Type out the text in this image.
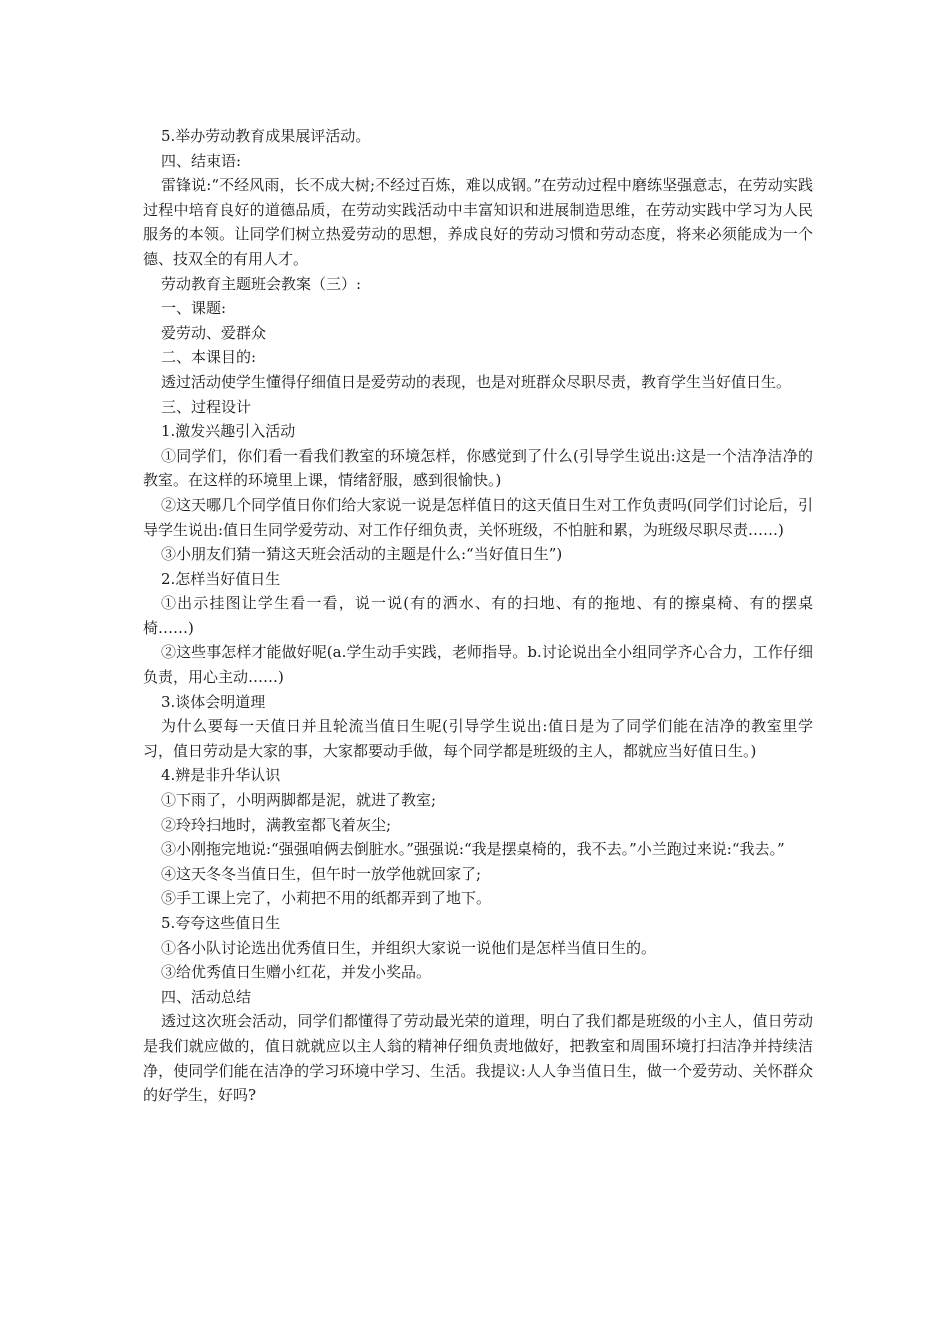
5.举办劳动教育成果展评活动。

四、结束语:

雷锋说:“不经风雨，长不成大树;不经过百炼，难以成钢。”在劳动过程中磨练坚强意志，在劳动实践过程中培育良好的道德品质，在劳动实践活动中丰富知识和进展制造思维，在劳动实践中学习为人民服务的本领。让同学们树立热爱劳动的思想，养成良好的劳动习惯和劳动态度，将来必须能成为一个德、技双全的有用人才。

劳动教育主题班会教案（三）:

一、课题:

爱劳动、爱群众

二、本课目的:

透过活动使学生懂得仔细值日是爱劳动的表现，也是对班群众尽职尽责，教育学生当好值日生。

三、过程设计

1.激发兴趣引入活动

①同学们，你们看一看我们教室的环境怎样，你感觉到了什么(引导学生说出:这是一个洁净洁净的教室。在这样的环境里上课，情绪舒服，感到很愉快。)

②这天哪几个同学值日你们给大家说一说是怎样值日的这天值日生对工作负责吗(同学们讨论后，引导学生说出:值日生同学爱劳动、对工作仔细负责，关怀班级，不怕脏和累，为班级尽职尽责……)

③小朋友们猜一猜这天班会活动的主题是什么:“当好值日生”)

2.怎样当好值日生

①出示挂图让学生看一看，说一说(有的洒水、有的扫地、有的拖地、有的擦桌椅、有的摆桌椅……)

②这些事怎样才能做好呢(a.学生动手实践，老师指导。b.讨论说出全小组同学齐心合力，工作仔细负责，用心主动……)

3.谈体会明道理

为什么要每一天值日并且轮流当值日生呢(引导学生说出:值日是为了同学们能在洁净的教室里学习，值日劳动是大家的事，大家都要动手做，每个同学都是班级的主人，都就应当好值日生。)

4.辨是非升华认识

①下雨了，小明两脚都是泥，就进了教室;

②玲玲扫地时，满教室都飞着灰尘;

③小刚拖完地说:“强强咱俩去倒脏水。”强强说:“我是摆桌椅的，我不去。”小兰跑过来说:“我去。”

④这天冬冬当值日生，但午时一放学他就回家了;

⑤手工课上完了，小莉把不用的纸都弄到了地下。

5.夸夸这些值日生

①各小队讨论选出优秀值日生，并组织大家说一说他们是怎样当值日生的。

③给优秀值日生赠小红花，并发小奖品。

四、活动总结

透过这次班会活动，同学们都懂得了劳动最光荣的道理，明白了我们都是班级的小主人，值日劳动是我们就应做的，值日就就应以主人翁的精神仔细负责地做好，把教室和周围环境打扫洁净并持续洁净，使同学们能在洁净的学习环境中学习、生活。我提议:人人争当值日生，做一个爱劳动、关怀群众的好学生，好吗?
